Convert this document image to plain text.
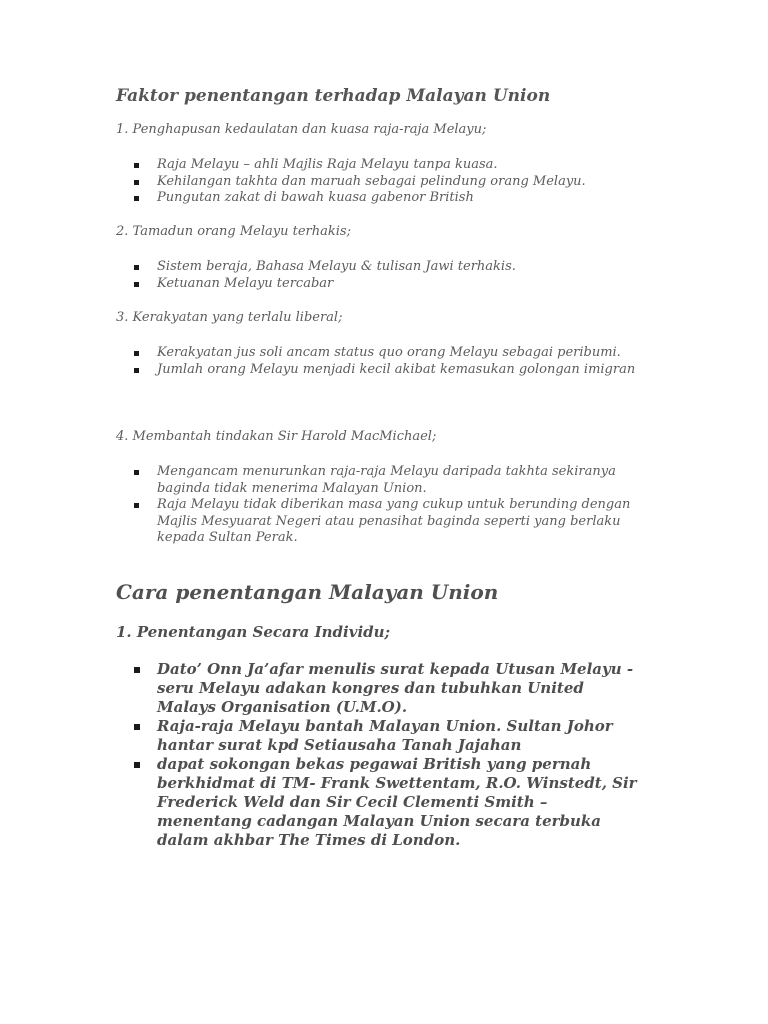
Faktor penentangan terhadap Malayan Union
1. Penghapusan kedaulatan dan kuasa raja-raja Melayu;
Raja Melayu – ahli Majlis Raja Melayu tanpa kuasa.
Kehilangan takhta dan maruah sebagai pelindung orang Melayu.
Pungutan zakat di bawah kuasa gabenor British
2. Tamadun orang Melayu terhakis;
Sistem beraja, Bahasa Melayu & tulisan Jawi terhakis.
Ketuanan Melayu tercabar
3. Kerakyatan yang terlalu liberal;
Kerakyatan jus soli ancam status quo orang Melayu sebagai peribumi.
Jumlah orang Melayu menjadi kecil akibat kemasukan golongan imigran
4. Membantah tindakan Sir Harold MacMichael;
Mengancam menurunkan raja-raja Melayu daripada takhta sekiranya baginda tidak menerima Malayan Union.
Raja Melayu tidak diberikan masa yang cukup untuk berunding dengan Majlis Mesyuarat Negeri atau penasihat baginda seperti yang berlaku kepada Sultan Perak.
Cara penentangan Malayan Union
1. Penentangan Secara Individu;
Dato’ Onn Ja’afar menulis surat kepada Utusan Melayu -seru Melayu adakan kongres dan tubuhkan United Malays Organisation (U.M.O).
Raja-raja Melayu bantah Malayan Union. Sultan Johor hantar surat kpd Setiausaha Tanah Jajahan
dapat sokongan bekas pegawai British yang pernah berkhidmat di TM- Frank Swettentam, R.O. Winstedt, Sir Frederick Weld dan Sir Cecil Clementi Smith – menentang cadangan Malayan Union secara terbuka dalam akhbar The Times di London.
